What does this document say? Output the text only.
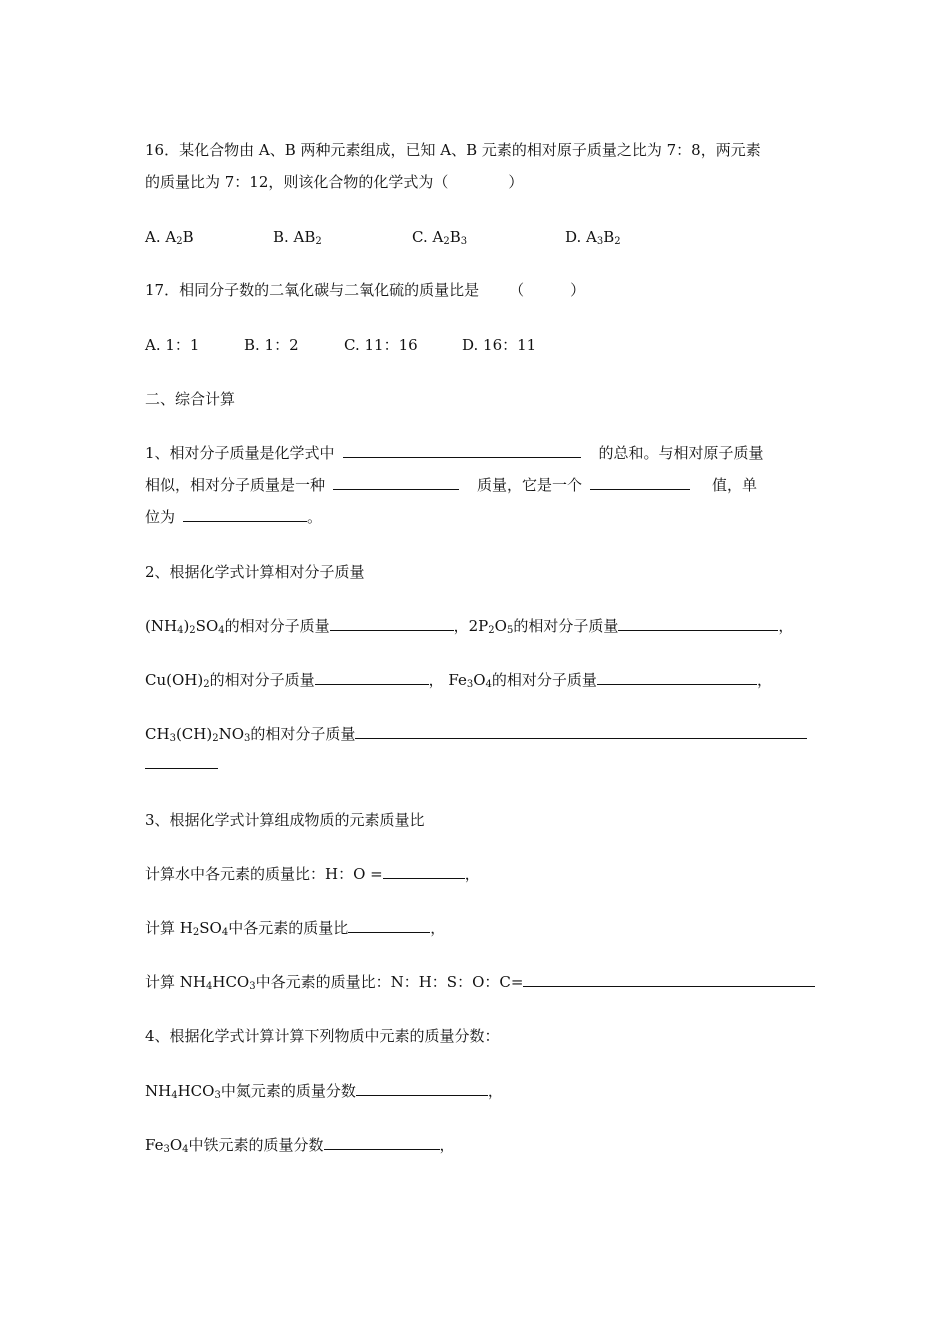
16．某化合物由 A、B 两种元素组成，已知 A、B 元素的相对原子质量之比为 7：8，两元素
的质量比为 7：12，则该化合物的化学式为（	）
A. $A_2B$	B. $AB_2$	C. $A_2B_3$	D. $A_3B_2$
17．相同分子数的二氧化碳与二氧化硫的质量比是 （	）
A. 1：1	B. 1：2	C. 11：16	D. 16：11
二、综合计算
1、相对分子质量是化学式中	的总和。与相对原子质量
相似，相对分子质量是一种	质量，它是一个	值，单
位为	。
2、根据化学式计算相对分子质量
$(NH_4)_2SO_4$的相对分子质量	，$2P_2O_5$的相对分子质量	，
$Cu(OH)_2$的相对分子质量	， $Fe_3O_4$的相对分子质量	，
$CH_3(CH)_2NO_3$的相对分子质量
3、根据化学式计算组成物质的元素质量比
计算水中各元素的质量比：H：O =	，
计算 $H_2SO_4$中各元素的质量比	，
计算 $NH_4HCO_3$中各元素的质量比：N：H：S：O：C=
4、根据化学式计算计算下列物质中元素的质量分数：
$NH_4HCO_3$中氮元素的质量分数	，
$Fe_3O_4$中铁元素的质量分数	，
